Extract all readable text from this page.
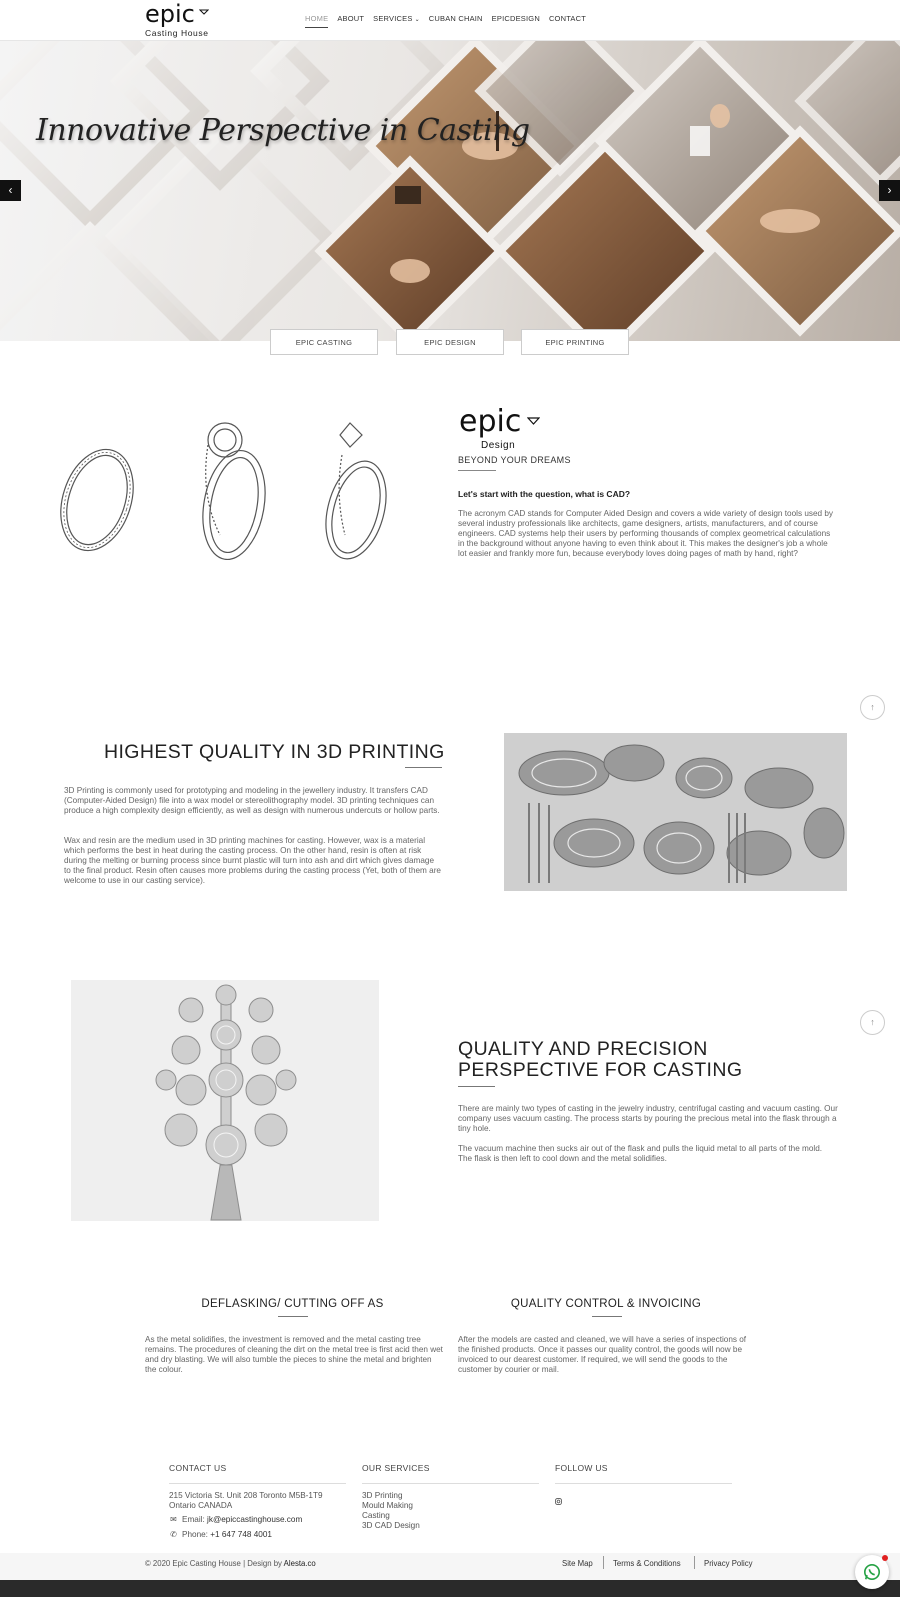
epic
Casting House
HOME ABOUT SERVICES ⌄ CUBAN CHAIN EPICDESIGN CONTACT
Innovative Perspective in Casting
‹	›
EPIC CASTING	EPIC DESIGN	EPIC PRINTING
epic
Design
BEYOND YOUR DREAMS
Let's start with the question, what is CAD?
The acronym CAD stands for Computer Aided Design and covers a wide variety of design tools used by several industry professionals like architects, game designers, artists, manufacturers, and of course engineers. CAD systems help their users by performing thousands of complex geometrical calculations in the background without anyone having to even think about it. This makes the designer's job a whole lot easier and frankly more fun, because everybody loves doing pages of math by hand, right?
↑
HIGHEST QUALITY IN 3D PRINTING
3D Printing is commonly used for prototyping and modeling in the jewellery industry. It transfers CAD (Computer-Aided Design) file into a wax model or stereolithography model. 3D printing techniques can produce a high complexity design efficiently, as well as design with numerous undercuts or hollow parts.
Wax and resin are the medium used in 3D printing machines for casting. However, wax is a material which performs the best in heat during the casting process. On the other hand, resin is often at risk during the melting or burning process since burnt plastic will turn into ash and dirt which gives damage to the final product. Resin often causes more problems during the casting process (Yet, both of them are welcome to use in our casting service).
↑
QUALITY AND PRECISION
PERSPECTIVE FOR CASTING
There are mainly two types of casting in the jewelry industry, centrifugal casting and vacuum casting. Our company uses vacuum casting. The process starts by pouring the precious metal into the flask through a tiny hole.
The vacuum machine then sucks air out of the flask and pulls the liquid metal to all parts of the mold. The flask is then left to cool down and the metal solidifies.
DEFLASKING/ CUTTING OFF AS
As the metal solidifies, the investment is removed and the metal casting tree remains. The procedures of cleaning the dirt on the metal tree is first acid then wet and dry blasting. We will also tumble the pieces to shine the metal and brighten the colour.
QUALITY CONTROL & INVOICING
After the models are casted and cleaned, we will have a series of inspections of the finished products. Once it passes our quality control, the goods will now be invoiced to our dearest customer. If required, we will send the goods to the customer by courier or mail.
CONTACT US
215 Victoria St. Unit 208 Toronto M5B-1T9
Ontario CANADA
✉ Email: jk@epiccastinghouse.com
✆ Phone: +1 647 748 4001
OUR SERVICES
3D Printing
Mould Making
Casting
3D CAD Design
FOLLOW US
© 2020 Epic Casting House | Design by Alesta.co	Site Map	Terms & Conditions	Privacy Policy
